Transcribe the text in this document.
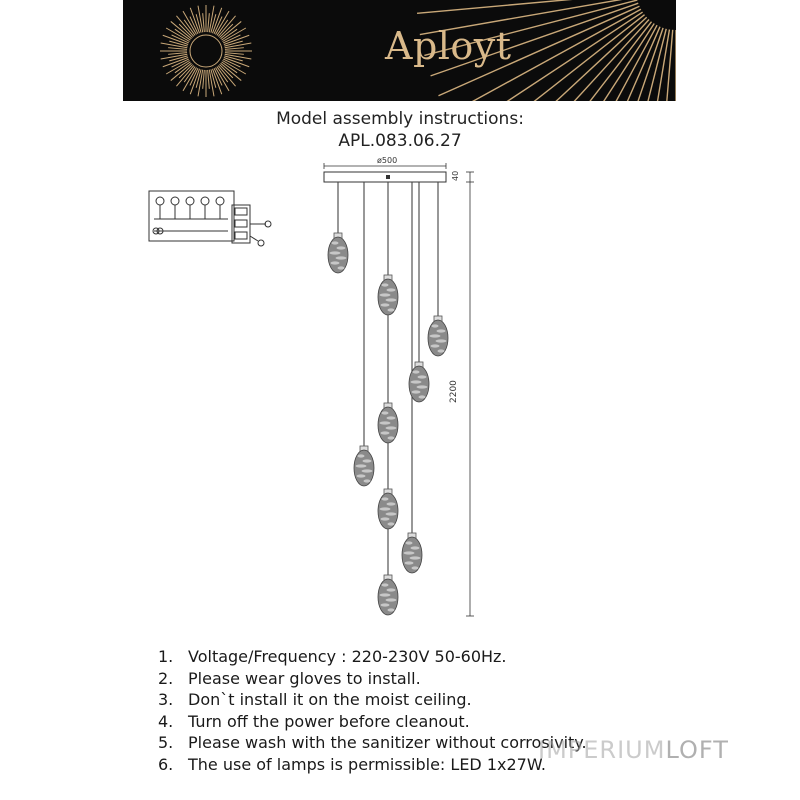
Aployt
Model assembly instructions:
APL.083.06.27
ø500
40
2200
1. Voltage/Frequency : 220-230V 50-60Hz.
2. Please wear gloves to install.
3. Don`t install it on the moist ceiling.
4. Turn off the power before cleanout.
5. Please wash with the sanitizer without corrosivity.
6. The use of lamps is permissible: LED 1x27W.
IMPERIUMLOFT
